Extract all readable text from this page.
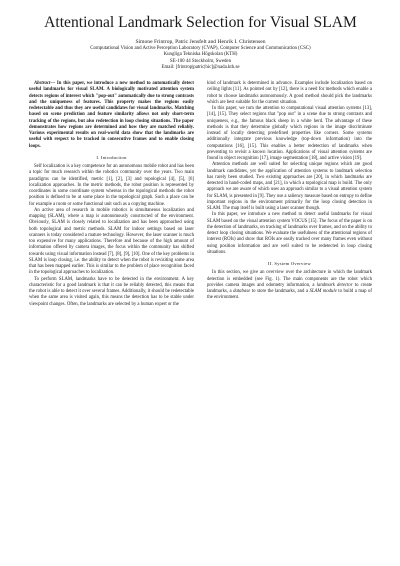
Attentional Landmark Selection for Visual SLAM
Simone Frintrop, Patric Jensfelt and Henrik I. Christensen
Computational Vision and Active Perception Laboratory (CVAP), Computer Science and Communication (CSC)
Kungliga Tekniska Högskolan (KTH)
SE-100 44 Stockholm, Sweden
Email: [frintrop|patric|hic]@nada.kth.se

Abstract— In this paper, we introduce a new method to automatically detect useful landmarks for visual SLAM. A biologically motivated attention system detects regions of interest which "pop-out" automatically due to strong contrasts and the uniqueness of features. This property makes the regions easily redetectable and thus they are useful candidates for visual landmarks. Matching based on scene prediction and feature similarity allows not only short-term tracking of the regions, but also redetection in loop closing situations. The paper demonstrates how regions are determined and how they are matched reliably. Various experimental results on real-world data show that the landmarks are useful with respect to be tracked in consecutive frames and to enable closing loops.

I. Introduction

Self localization is a key competence for an autonomous mobile robot and has been a topic for much research within the robotics community over the years. Two main paradigms can be identified, metric [1], [2], [3] and topological [4], [5], [6] localization approaches. In the metric methods, the robot position is represented by coordinates in some coordinate system whereas in the topological methods the robot position is defined to be at some place in the topological graph. Such a place can be for example a room or some functional unit such as a copying machine.

An active area of research in mobile robotics is simultaneous localization and mapping (SLAM), where a map is autonomously constructed of the environment. Obviously, SLAM is closely related to localization and has been approached using both topological and metric methods. SLAM for indoor settings based on laser scanners is today considered a mature technology. However, the laser scanner is much too expensive for many applications. Therefore and because of the high amount of information offered by camera images, the focus within the community has shifted towards using visual information instead [7], [8], [9], [10]. One of the key problems in SLAM is loop closing, i.e. the ability to detect when the robot is revisiting some area that has been mapped earlier. This is similar to the problem of place recognition faced in the topological approaches to localization.

To perform SLAM, landmarks have to be detected in the environment. A key characteristic for a good landmark is that it can be reliably detected, this means that the robot is able to detect it over several frames. Additionally, it should be redetectable when the same area is visited again, this means the detection has to be stable under viewpoint changes. Often, the landmarks are selected by a human expert or the

kind of landmark is determined in advance. Examples include localization based on ceiling lights [11]. As pointed out by [12], there is a need for methods which enable a robot to choose landmarks autonomously. A good method should pick the landmarks which are best suitable for the current situation.

In this paper, we turn the attention to computational visual attention systems [13], [14], [15]. They select regions that "pop out" in a scene due to strong contrasts and uniqueness, e.g., the famous black sheep in a white herd. The advantage of these methods is that they determine globally which regions in the image discriminate instead of locally detecting predefined properties like corners. Some systems additionally integrate previous knowledge (top-down information) into the computations [16], [15]. This enables a better redetection of landmarks when preventing to revisit a known location. Applications of visual attention systems are found in object recognition [17], image segmentation [18], and active vision [19].

Attention methods are well suited for selecting unique regions which are good landmark candidates, yet the application of attention systems to landmark selection has rarely been studied. Two existing approaches are [20], in which landmarks are detected in hand-coded maps, and [21], in which a topological map is build. The only approach we are aware of which uses an approach similar to a visual attention system for SLAM, is presented in [9]. They use a saliency measure based on entropy to define important regions in the environment primarily for the loop closing detection in SLAM. The map itself is built using a laser scanner though.

In this paper, we introduce a new method to detect useful landmarks for visual SLAM based on the visual attention system VOCUS [15]. The focus of the paper is on the detection of landmarks, on tracking of landmarks over frames, and on the ability to detect loop closing situations. We evaluate the usefulness of the attentional regions of interest (ROIs) and show that ROIs are easily tracked over many frames even without using position information and are well suited to be redetected in loop closing situations.

II. System Overview

In this section, we give an overview over the architecture in which the landmark detection is embedded (see Fig. 1). The main components are the robot which provides camera images and odometry information, a landmark detector to create landmarks, a database to store the landmarks, and a SLAM module to build a map of the environment.
